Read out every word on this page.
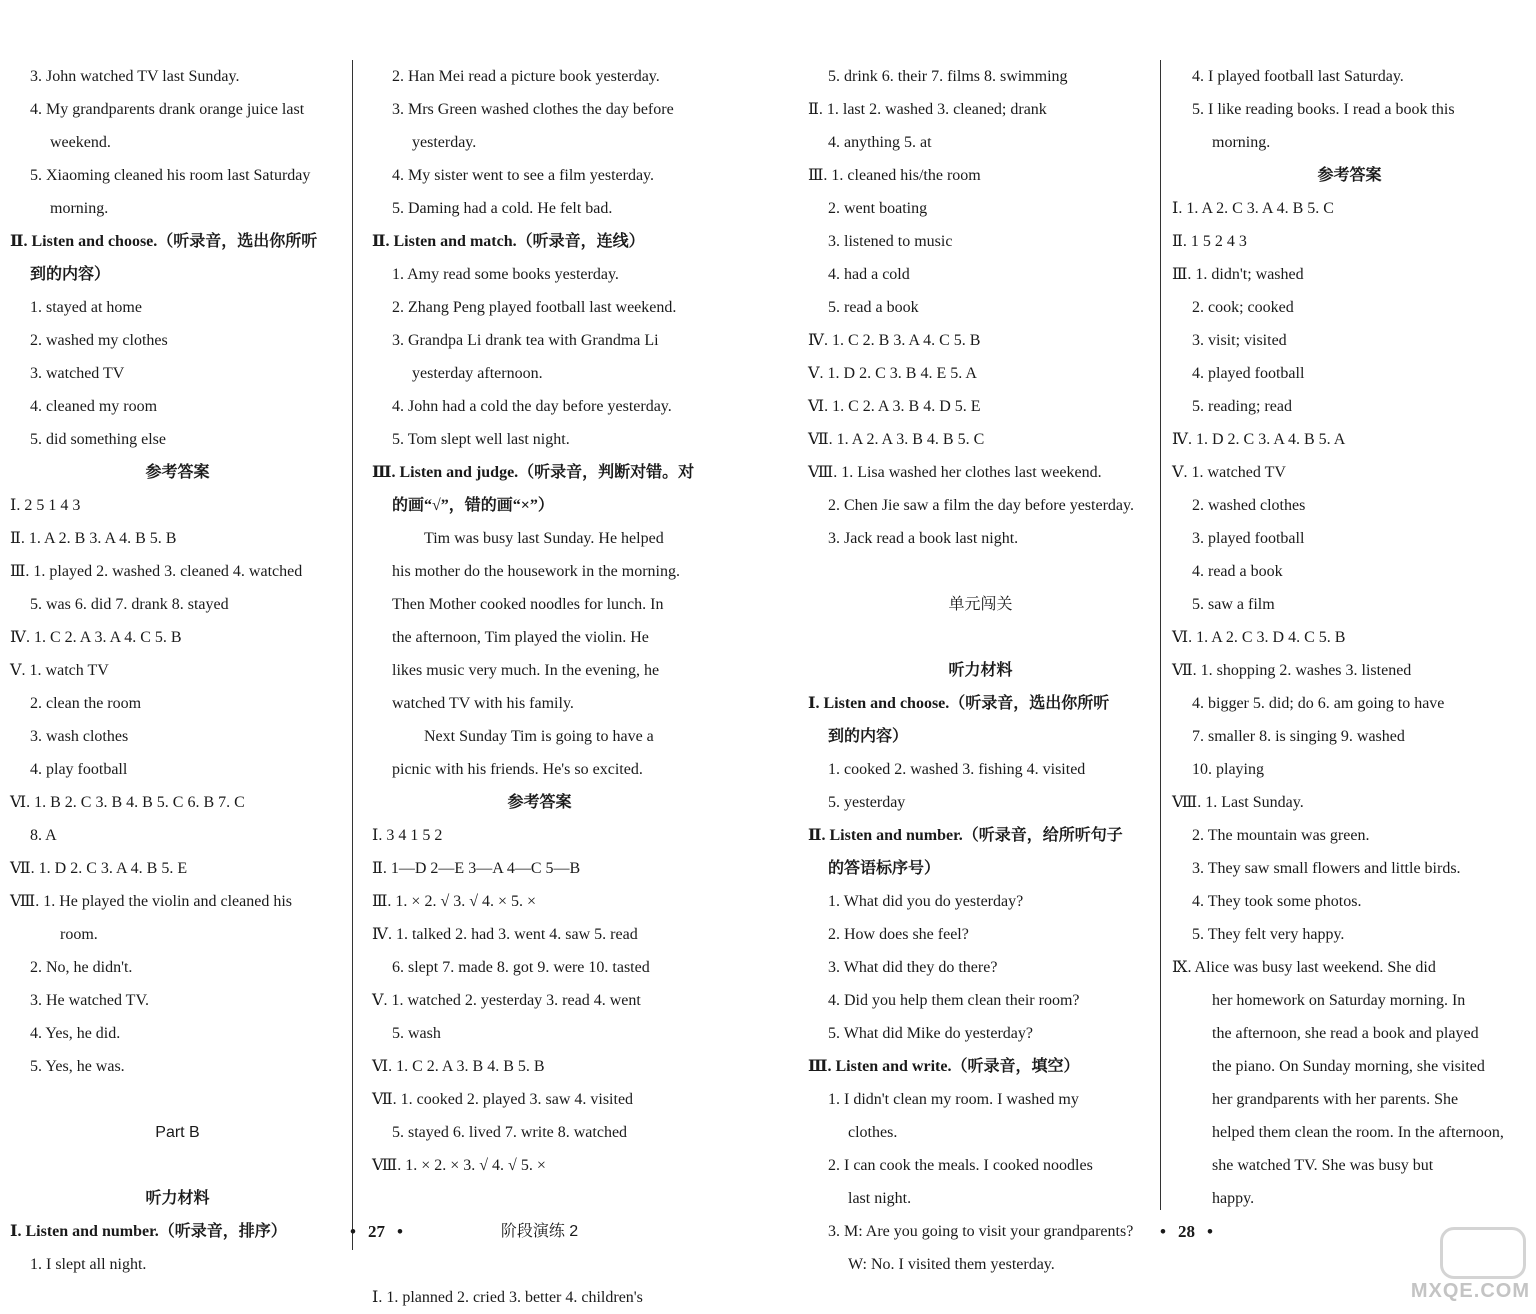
3. John watched TV last Sunday.
4. My grandparents drank orange juice last
weekend.
5. Xiaoming cleaned his room last Saturday
morning.
Ⅱ. Listen and choose.（听录音，选出你所听
到的内容）
1. stayed at home
2. washed my clothes
3. watched TV
4. cleaned my room
5. did something else
参考答案
Ⅰ. 2 5 1 4 3
Ⅱ. 1. A 2. B 3. A 4. B 5. B
Ⅲ. 1. played 2. washed 3. cleaned 4. watched
5. was 6. did 7. drank 8. stayed
Ⅳ. 1. C 2. A 3. A 4. C 5. B
Ⅴ. 1. watch TV
2. clean the room
3. wash clothes
4. play football
Ⅵ. 1. B 2. C 3. B 4. B 5. C 6. B 7. C
8. A
Ⅶ. 1. D 2. C 3. A 4. B 5. E
Ⅷ. 1. He played the violin and cleaned his
room.
2. No, he didn't.
3. He watched TV.
4. Yes, he did.
5. Yes, he was.

Part B

听力材料
Ⅰ. Listen and number.（听录音，排序）
1. I slept all night.
2. Han Mei read a picture book yesterday.
3. Mrs Green washed clothes the day before
yesterday.
4. My sister went to see a film yesterday.
5. Daming had a cold. He felt bad.
Ⅱ. Listen and match.（听录音，连线）
1. Amy read some books yesterday.
2. Zhang Peng played football last weekend.
3. Grandpa Li drank tea with Grandma Li
yesterday afternoon.
4. John had a cold the day before yesterday.
5. Tom slept well last night.
Ⅲ. Listen and judge.（听录音，判断对错。对
的画“√”，错的画“×”）
Tim was busy last Sunday. He helped
his mother do the housework in the morning.
Then Mother cooked noodles for lunch. In
the afternoon, Tim played the violin. He
likes music very much. In the evening, he
watched TV with his family.
Next Sunday Tim is going to have a
picnic with his friends. He's so excited.
参考答案
Ⅰ. 3 4 1 5 2
Ⅱ. 1—D 2—E 3—A 4—C 5—B
Ⅲ. 1. × 2. √ 3. √ 4. × 5. ×
Ⅳ. 1. talked 2. had 3. went 4. saw 5. read
6. slept 7. made 8. got 9. were 10. tasted
Ⅴ. 1. watched 2. yesterday 3. read 4. went
5. wash
Ⅵ. 1. C 2. A 3. B 4. B 5. B
Ⅶ. 1. cooked 2. played 3. saw 4. visited
5. stayed 6. lived 7. write 8. watched
Ⅷ. 1. × 2. × 3. √ 4. √ 5. ×

阶段演练 2

Ⅰ. 1. planned 2. cried 3. better 4. children's
5. drink 6. their 7. films 8. swimming
Ⅱ. 1. last 2. washed 3. cleaned; drank
4. anything 5. at
Ⅲ. 1. cleaned his/the room
2. went boating
3. listened to music
4. had a cold
5. read a book
Ⅳ. 1. C 2. B 3. A 4. C 5. B
Ⅴ. 1. D 2. C 3. B 4. E 5. A
Ⅵ. 1. C 2. A 3. B 4. D 5. E
Ⅶ. 1. A 2. A 3. B 4. B 5. C
Ⅷ. 1. Lisa washed her clothes last weekend.
2. Chen Jie saw a film the day before yesterday.
3. Jack read a book last night.

单元闯关

听力材料
Ⅰ. Listen and choose.（听录音，选出你所听
到的内容）
1. cooked 2. washed 3. fishing 4. visited
5. yesterday
Ⅱ. Listen and number.（听录音，给所听句子
的答语标序号）
1. What did you do yesterday?
2. How does she feel?
3. What did they do there?
4. Did you help them clean their room?
5. What did Mike do yesterday?
Ⅲ. Listen and write.（听录音，填空）
1. I didn't clean my room. I washed my
clothes.
2. I can cook the meals. I cooked noodles
last night.
3. M: Are you going to visit your grandparents?
W: No. I visited them yesterday.
4. I played football last Saturday.
5. I like reading books. I read a book this
morning.
参考答案
Ⅰ. 1. A 2. C 3. A 4. B 5. C
Ⅱ. 1 5 2 4 3
Ⅲ. 1. didn't; washed
2. cook; cooked
3. visit; visited
4. played football
5. reading; read
Ⅳ. 1. D 2. C 3. A 4. B 5. A
Ⅴ. 1. watched TV
2. washed clothes
3. played football
4. read a book
5. saw a film
Ⅵ. 1. A 2. C 3. D 4. C 5. B
Ⅶ. 1. shopping 2. washes 3. listened
4. bigger 5. did; do 6. am going to have
7. smaller 8. is singing 9. washed
10. playing
Ⅷ. 1. Last Sunday.
2. The mountain was green.
3. They saw small flowers and little birds.
4. They took some photos.
5. They felt very happy.
Ⅸ. Alice was busy last weekend. She did
her homework on Saturday morning. In
the afternoon, she read a book and played
the piano. On Sunday morning, she visited
her grandparents with her parents. She
helped them clean the room. In the afternoon,
she watched TV. She was busy but
happy.
• 27 •	• 28 •
MXQE.COM
